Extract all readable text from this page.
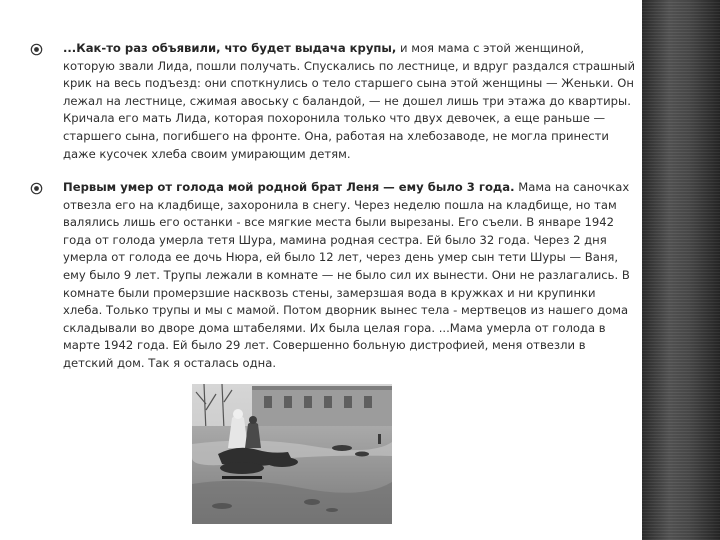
...Как-то раз объявили, что будет выдача крупы, и моя мама с этой женщиной, которую звали Лида, пошли получать. Спускались по лестнице, и вдруг раздался страшный крик на весь подъезд: они споткнулись о тело старшего сына этой женщины — Женьки. Он лежал на лестнице, сжимая авоську с баландой, — не дошел лишь три этажа до квартиры. Кричала его мать Лида, которая похоронила только что двух девочек, а еще раньше — старшего сына, погибшего на фронте. Она, работая на хлебозаводе, не могла принести даже кусочек хлеба своим умирающим детям.
Первым умер от голода мой родной брат Леня — ему было 3 года. Мама на саночках отвезла его на кладбище, захоронила в снегу. Через неделю пошла на кладбище, но там валялись лишь его останки - все мягкие места были вырезаны. Его съели. В январе 1942 года от голода умерла тетя Шура, мамина родная сестра. Ей было 32 года. Через 2 дня умерла от голода ее дочь Нюра, ей было 12 лет, через день умер сын тети Шуры — Ваня, ему было 9 лет. Трупы лежали в комнате — не было сил их вынести. Они не разлагались. В комнате были промерзшие насквозь стены, замерзшая вода в кружках и ни крупинки хлеба. Только трупы и мы с мамой. Потом дворник вынес тела - мертвецов из нашего дома складывали во дворе дома штабелями. Их была целая гора. ...Мама умерла от голода в марте 1942 года. Ей было 29 лет. Совершенно больную дистрофией, меня отвезли в детский дом. Так я осталась одна.
